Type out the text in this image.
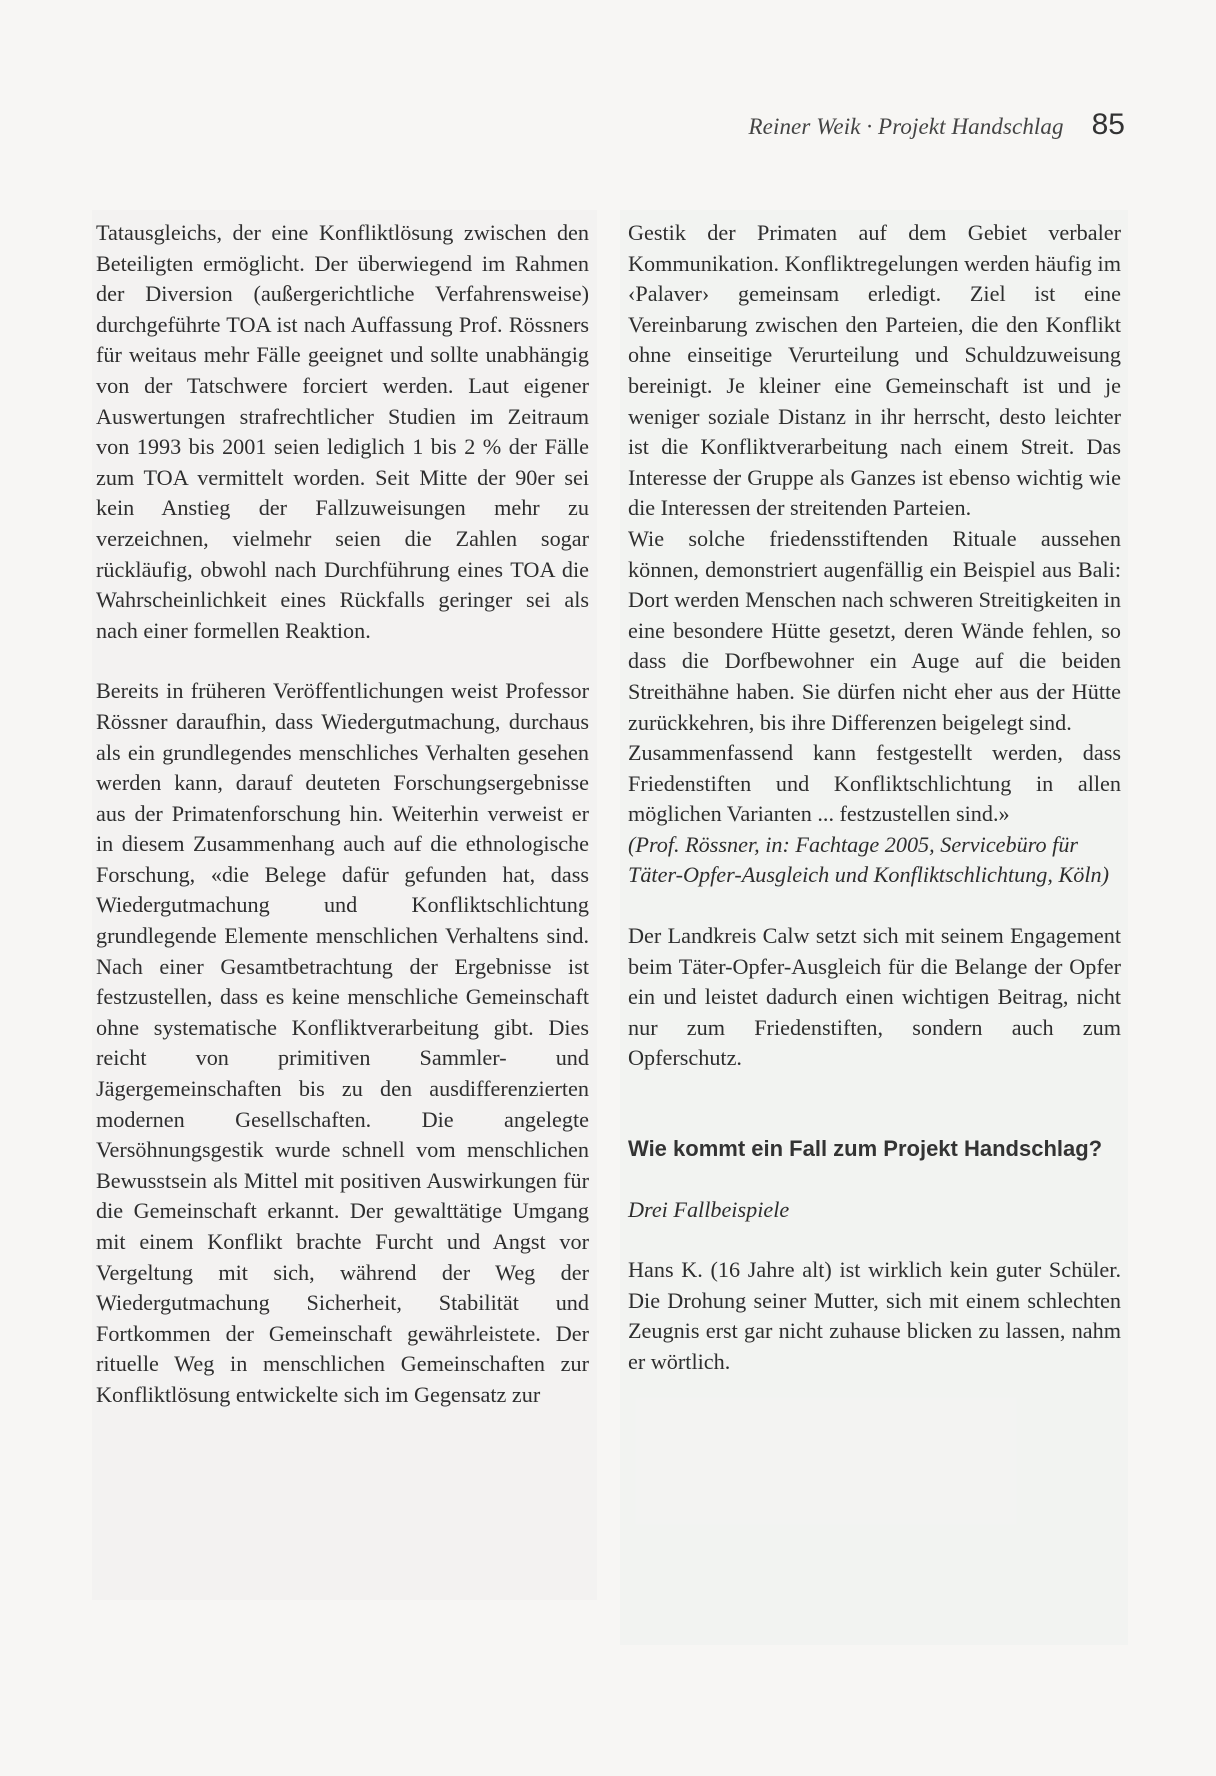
Reiner Weik · Projekt Handschlag 85

Tatausgleichs, der eine Konfliktlösung zwischen den Beteiligten ermöglicht. Der überwiegend im Rahmen der Diversion (außergerichtliche Verfahrensweise) durchgeführte TOA ist nach Auffassung Prof. Rössners für weitaus mehr Fälle geeignet und sollte unabhängig von der Tatschwere forciert werden. Laut eigener Auswertungen strafrechtlicher Studien im Zeitraum von 1993 bis 2001 seien lediglich 1 bis 2 % der Fälle zum TOA vermittelt worden. Seit Mitte der 90er sei kein Anstieg der Fallzuweisungen mehr zu verzeichnen, vielmehr seien die Zahlen sogar rückläufig, obwohl nach Durchführung eines TOA die Wahrscheinlichkeit eines Rückfalls geringer sei als nach einer formellen Reaktion.

Bereits in früheren Veröffentlichungen weist Professor Rössner daraufhin, dass Wiedergutmachung, durchaus als ein grundlegendes menschliches Verhalten gesehen werden kann, darauf deuteten Forschungsergebnisse aus der Primatenforschung hin. Weiterhin verweist er in diesem Zusammenhang auch auf die ethnologische Forschung, «die Belege dafür gefunden hat, dass Wiedergutmachung und Konfliktschlichtung grundlegende Elemente menschlichen Verhaltens sind. Nach einer Gesamtbetrachtung der Ergebnisse ist festzustellen, dass es keine menschliche Gemeinschaft ohne systematische Konfliktverarbeitung gibt. Dies reicht von primitiven Sammler- und Jägergemeinschaften bis zu den ausdifferenzierten modernen Gesellschaften. Die angelegte Versöhnungsgestik wurde schnell vom menschlichen Bewusstsein als Mittel mit positiven Auswirkungen für die Gemeinschaft erkannt. Der gewalttätige Umgang mit einem Konflikt brachte Furcht und Angst vor Vergeltung mit sich, während der Weg der Wiedergutmachung Sicherheit, Stabilität und Fortkommen der Gemeinschaft gewährleistete. Der rituelle Weg in menschlichen Gemeinschaften zur Konfliktlösung entwickelte sich im Gegensatz zur

Gestik der Primaten auf dem Gebiet verbaler Kommunikation. Konfliktregelungen werden häufig im ‹Palaver› gemeinsam erledigt. Ziel ist eine Vereinbarung zwischen den Parteien, die den Konflikt ohne einseitige Verurteilung und Schuldzuweisung bereinigt. Je kleiner eine Gemeinschaft ist und je weniger soziale Distanz in ihr herrscht, desto leichter ist die Konfliktverarbeitung nach einem Streit. Das Interesse der Gruppe als Ganzes ist ebenso wichtig wie die Interessen der streitenden Parteien.

Wie solche friedensstiftenden Rituale aussehen können, demonstriert augenfällig ein Beispiel aus Bali: Dort werden Menschen nach schweren Streitigkeiten in eine besondere Hütte gesetzt, deren Wände fehlen, so dass die Dorfbewohner ein Auge auf die beiden Streithähne haben. Sie dürfen nicht eher aus der Hütte zurückkehren, bis ihre Differenzen beigelegt sind.

Zusammenfassend kann festgestellt werden, dass Friedenstiften und Konfliktschlichtung in allen möglichen Varianten ... festzustellen sind.»

(Prof. Rössner, in: Fachtage 2005, Servicebüro für Täter-Opfer-Ausgleich und Konfliktschlichtung, Köln)

Der Landkreis Calw setzt sich mit seinem Engagement beim Täter-Opfer-Ausgleich für die Belange der Opfer ein und leistet dadurch einen wichtigen Beitrag, nicht nur zum Friedenstiften, sondern auch zum Opferschutz.

Wie kommt ein Fall zum Projekt Handschlag?

Drei Fallbeispiele

Hans K. (16 Jahre alt) ist wirklich kein guter Schüler. Die Drohung seiner Mutter, sich mit einem schlechten Zeugnis erst gar nicht zuhause blicken zu lassen, nahm er wörtlich.
